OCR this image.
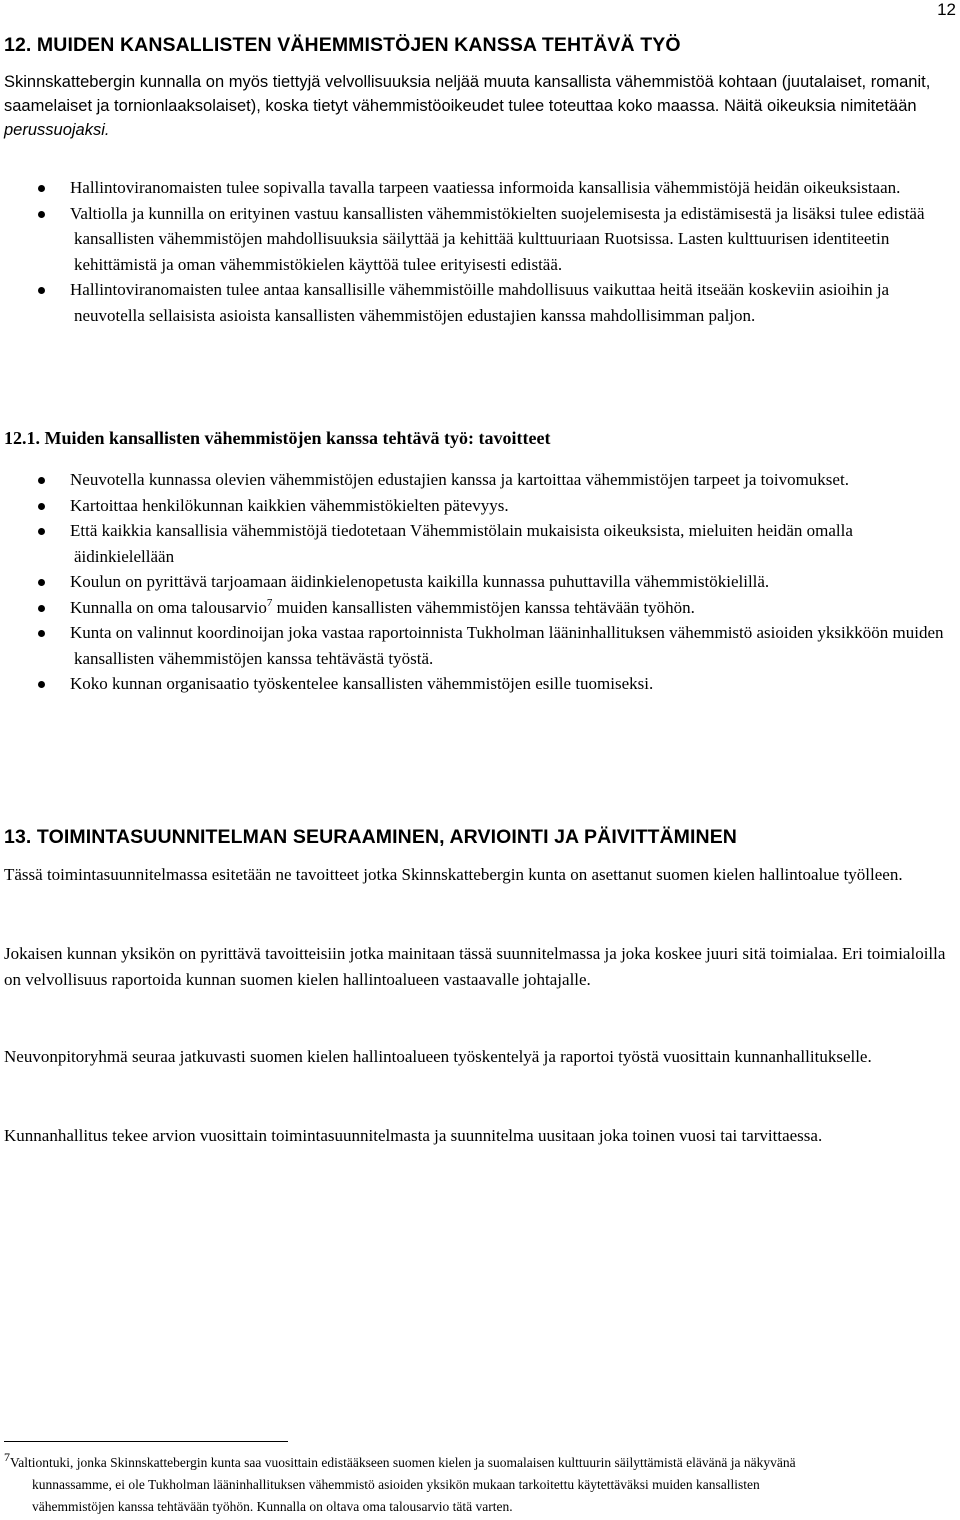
12
12. MUIDEN KANSALLISTEN VÄHEMMISTÖJEN KANSSA TEHTÄVÄ TYÖ

Skinnskattebergin kunnalla on myös tiettyjä velvollisuuksia neljää muuta kansallista vähemmistöä kohtaan (juutalaiset, romanit, saamelaiset ja tornionlaaksolaiset), koska tietyt vähemmistöoikeudet tulee toteuttaa koko maassa. Näitä oikeuksia nimitetään perussuojaksi.

Hallintoviranomaisten tulee sopivalla tavalla tarpeen vaatiessa informoida kansallisia vähemmistöjä heidän oikeuksistaan.
Valtiolla ja kunnilla on erityinen vastuu kansallisten vähemmistökielten suojelemisesta ja edistämisestä ja lisäksi tulee edistää kansallisten vähemmistöjen mahdollisuuksia säilyttää ja kehittää kulttuuriaan Ruotsissa. Lasten kulttuurisen identiteetin kehittämistä ja oman vähemmistökielen käyttöä tulee erityisesti edistää.
Hallintoviranomaisten tulee antaa kansallisille vähemmistöille mahdollisuus vaikuttaa heitä itseään koskeviin asioihin ja neuvotella sellaisista asioista kansallisten vähemmistöjen edustajien kanssa mahdollisimman paljon.
12.1. Muiden kansallisten vähemmistöjen kanssa tehtävä työ: tavoitteet
Neuvotella kunnassa olevien vähemmistöjen edustajien kanssa ja kartoittaa vähemmistöjen tarpeet ja toivomukset.
Kartoittaa henkilökunnan kaikkien vähemmistökielten pätevyys.
Että kaikkia kansallisia vähemmistöjä tiedotetaan Vähemmistölain mukaisista oikeuksista, mieluiten heidän omalla äidinkielellään
Koulun on pyrittävä tarjoamaan äidinkielenopetusta kaikilla kunnassa puhuttavilla vähemmistökielillä.
Kunnalla on oma talousarvio$^7$ muiden kansallisten vähemmistöjen kanssa tehtävään työhön.
Kunta on valinnut koordinoijan joka vastaa raportoinnista Tukholman lääninhallituksen vähemmistö asioiden yksikköön muiden kansallisten vähemmistöjen kanssa tehtävästä työstä.
Koko kunnan organisaatio työskentelee kansallisten vähemmistöjen esille tuomiseksi.
13. TOIMINTASUUNNITELMAN SEURAAMINEN, ARVIOINTI JA PÄIVITTÄMINEN

Tässä toimintasuunnitelmassa esitetään ne tavoitteet jotka Skinnskattebergin kunta on asettanut suomen kielen hallintoalue työlleen.

Jokaisen kunnan yksikön on pyrittävä tavoitteisiin jotka mainitaan tässä suunnitelmassa ja joka koskee juuri sitä toimialaa. Eri toimialoilla on velvollisuus raportoida kunnan suomen kielen hallintoalueen vastaavalle johtajalle.

Neuvonpitoryhmä seuraa jatkuvasti suomen kielen hallintoalueen työskentelyä ja raportoi työstä vuosittain kunnanhallitukselle.

Kunnanhallitus tekee arvion vuosittain toimintasuunnitelmasta ja suunnitelma uusitaan joka toinen vuosi tai tarvittaessa.

7Valtiontuki, jonka Skinnskattebergin kunta saa vuosittain edistääkseen suomen kielen ja suomalaisen kulttuurin säilyttämistä elävänä ja näkyvänä
kunnassamme, ei ole Tukholman lääninhallituksen vähemmistö asioiden yksikön mukaan tarkoitettu käytettäväksi muiden kansallisten
vähemmistöjen kanssa tehtävään työhön. Kunnalla on oltava oma talousarvio tätä varten.
